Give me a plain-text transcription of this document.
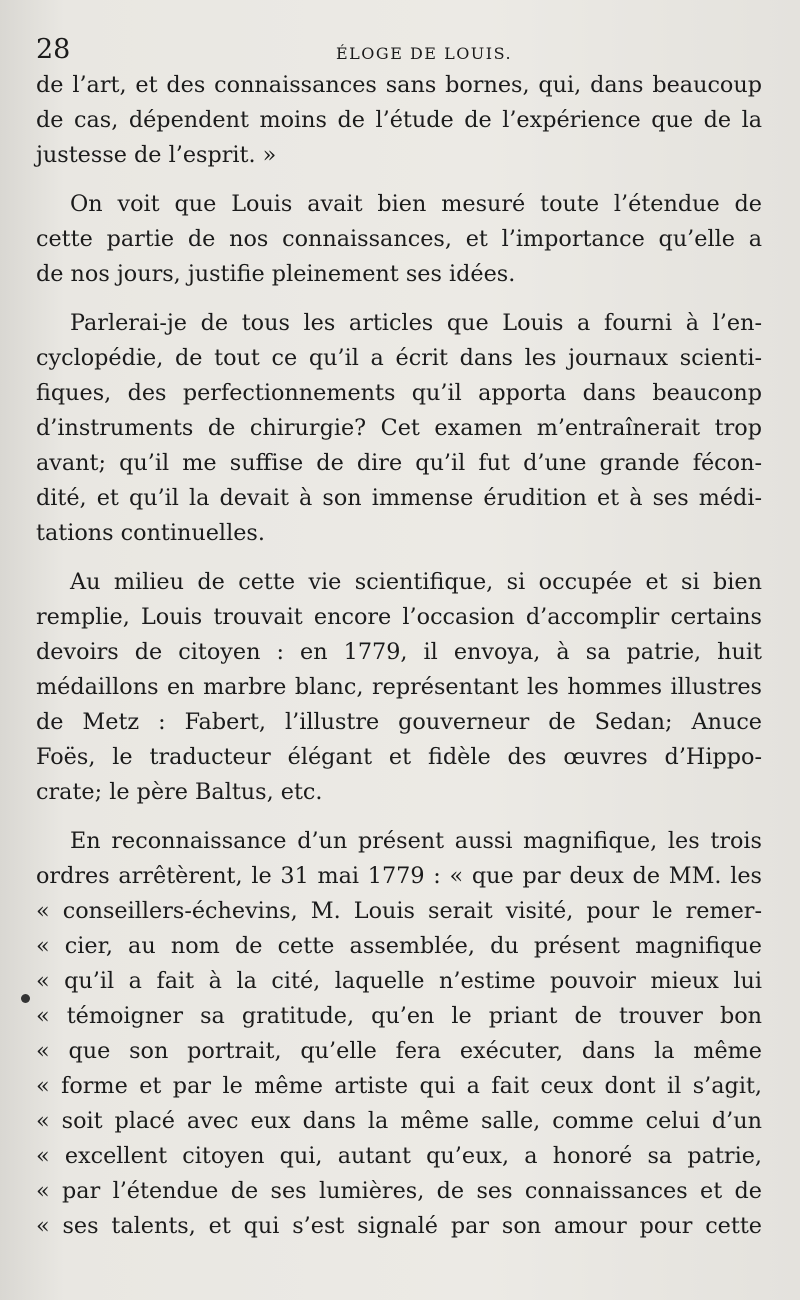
28	ÉLOGE DE LOUIS.

de l’art, et des connaissances sans bornes, qui, dans beaucoup
de cas, dépendent moins de l’étude de l’expérience que de la
justesse de l’esprit. »

On voit que Louis avait bien mesuré toute l’étendue de
cette partie de nos connaissances, et l’importance qu’elle a
de nos jours, justifie pleinement ses idées.

Parlerai-je de tous les articles que Louis a fourni à l’en-
cyclopédie, de tout ce qu’il a écrit dans les journaux scienti-
fiques, des perfectionnements qu’il apporta dans beauconp
d’instruments de chirurgie? Cet examen m’entraînerait trop
avant; qu’il me suffise de dire qu’il fut d’une grande fécon-
dité, et qu’il la devait à son immense érudition et à ses médi-
tations continuelles.

Au milieu de cette vie scientifique, si occupée et si bien
remplie, Louis trouvait encore l’occasion d’accomplir certains
devoirs de citoyen : en 1779, il envoya, à sa patrie, huit
médaillons en marbre blanc, représentant les hommes illustres
de Metz : Fabert, l’illustre gouverneur de Sedan; Anuce
Foës, le traducteur élégant et fidèle des œuvres d’Hippo-
crate; le père Baltus, etc.

En reconnaissance d’un présent aussi magnifique, les trois
ordres arrêtèrent, le 31 mai 1779 : « que par deux de MM. les
« conseillers-échevins, M. Louis serait visité, pour le remer-
« cier, au nom de cette assemblée, du présent magnifique
« qu’il a fait à la cité, laquelle n’estime pouvoir mieux lui
« témoigner sa gratitude, qu’en le priant de trouver bon
« que son portrait, qu’elle fera exécuter, dans la même
« forme et par le même artiste qui a fait ceux dont il s’agit,
« soit placé avec eux dans la même salle, comme celui d’un
« excellent citoyen qui, autant qu’eux, a honoré sa patrie,
« par l’étendue de ses lumières, de ses connaissances et de
« ses talents, et qui s’est signalé par son amour pour cette
